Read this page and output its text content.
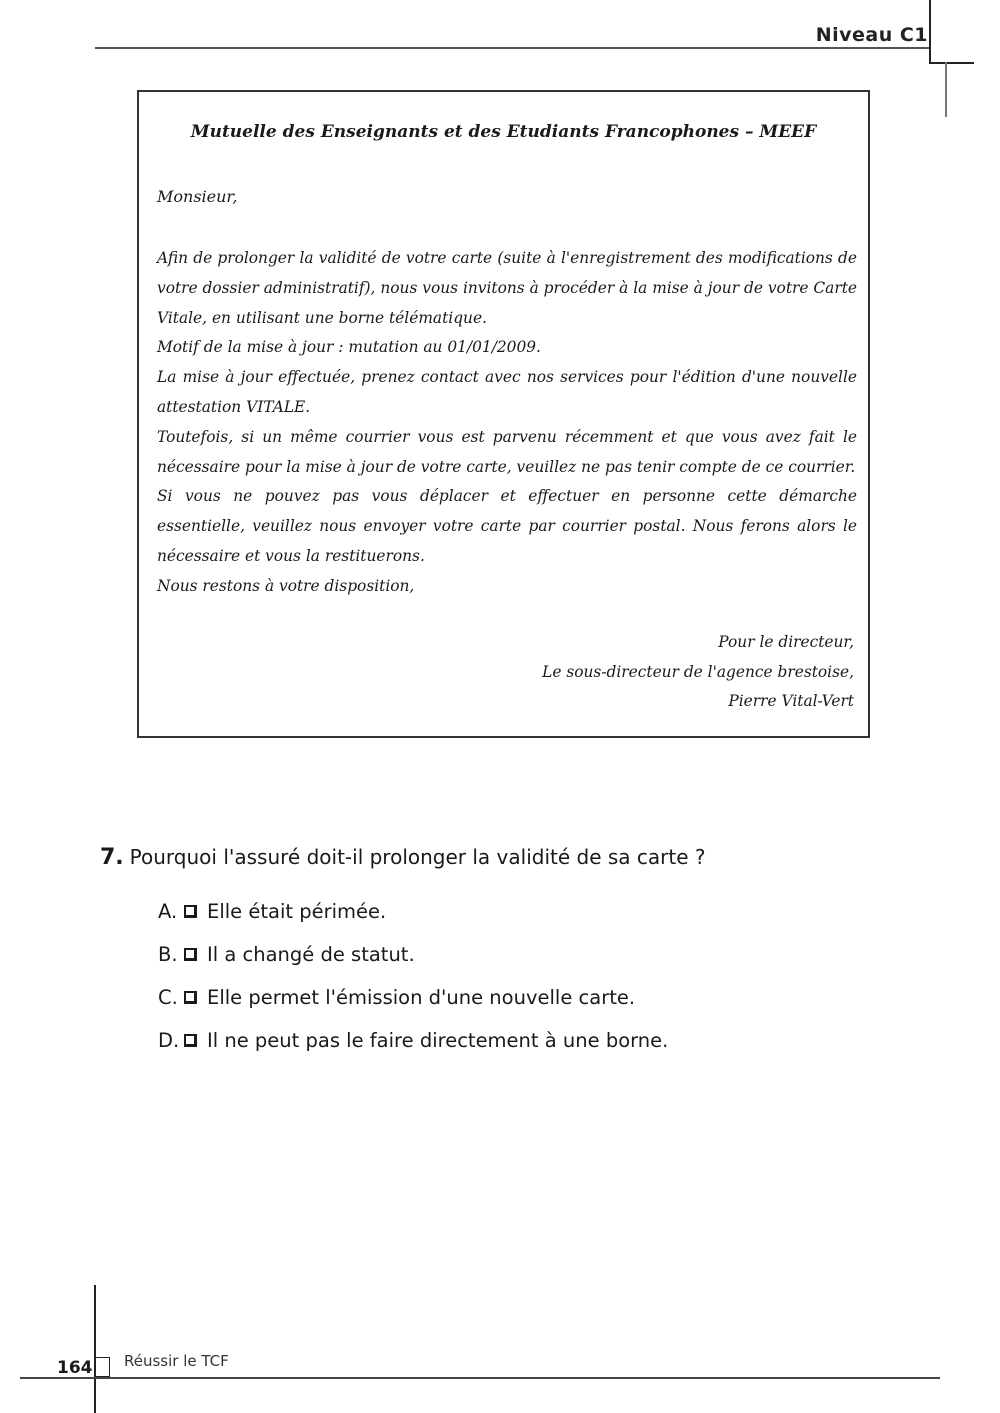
Niveau C1
Mutuelle des Enseignants et des Etudiants Francophones – MEEF
Monsieur,

Afin de prolonger la validité de votre carte (suite à l'enregistrement des modifications de votre dossier administratif), nous vous invitons à procéder à la mise à jour de votre Carte Vitale, en utilisant une borne télématique.

Motif de la mise à jour : mutation au 01/01/2009.

La mise à jour effectuée, prenez contact avec nos services pour l'édition d'une nouvelle attestation VITALE.

Toutefois, si un même courrier vous est parvenu récemment et que vous avez fait le nécessaire pour la mise à jour de votre carte, veuillez ne pas tenir compte de ce courrier.

Si vous ne pouvez pas vous déplacer et effectuer en personne cette démarche essentielle, veuillez nous envoyer votre carte par courrier postal. Nous ferons alors le nécessaire et vous la restituerons.

Nous restons à votre disposition,

Pour le directeur,
Le sous-directeur de l'agence brestoise,
Pierre Vital-Vert
7. Pourquoi l'assuré doit-il prolonger la validité de sa carte ?
A.	Elle était périmée.
B.	Il a changé de statut.
C.	Elle permet l'émission d'une nouvelle carte.
D. Il ne peut pas le faire directement à une borne.
164 Réussir le TCF
